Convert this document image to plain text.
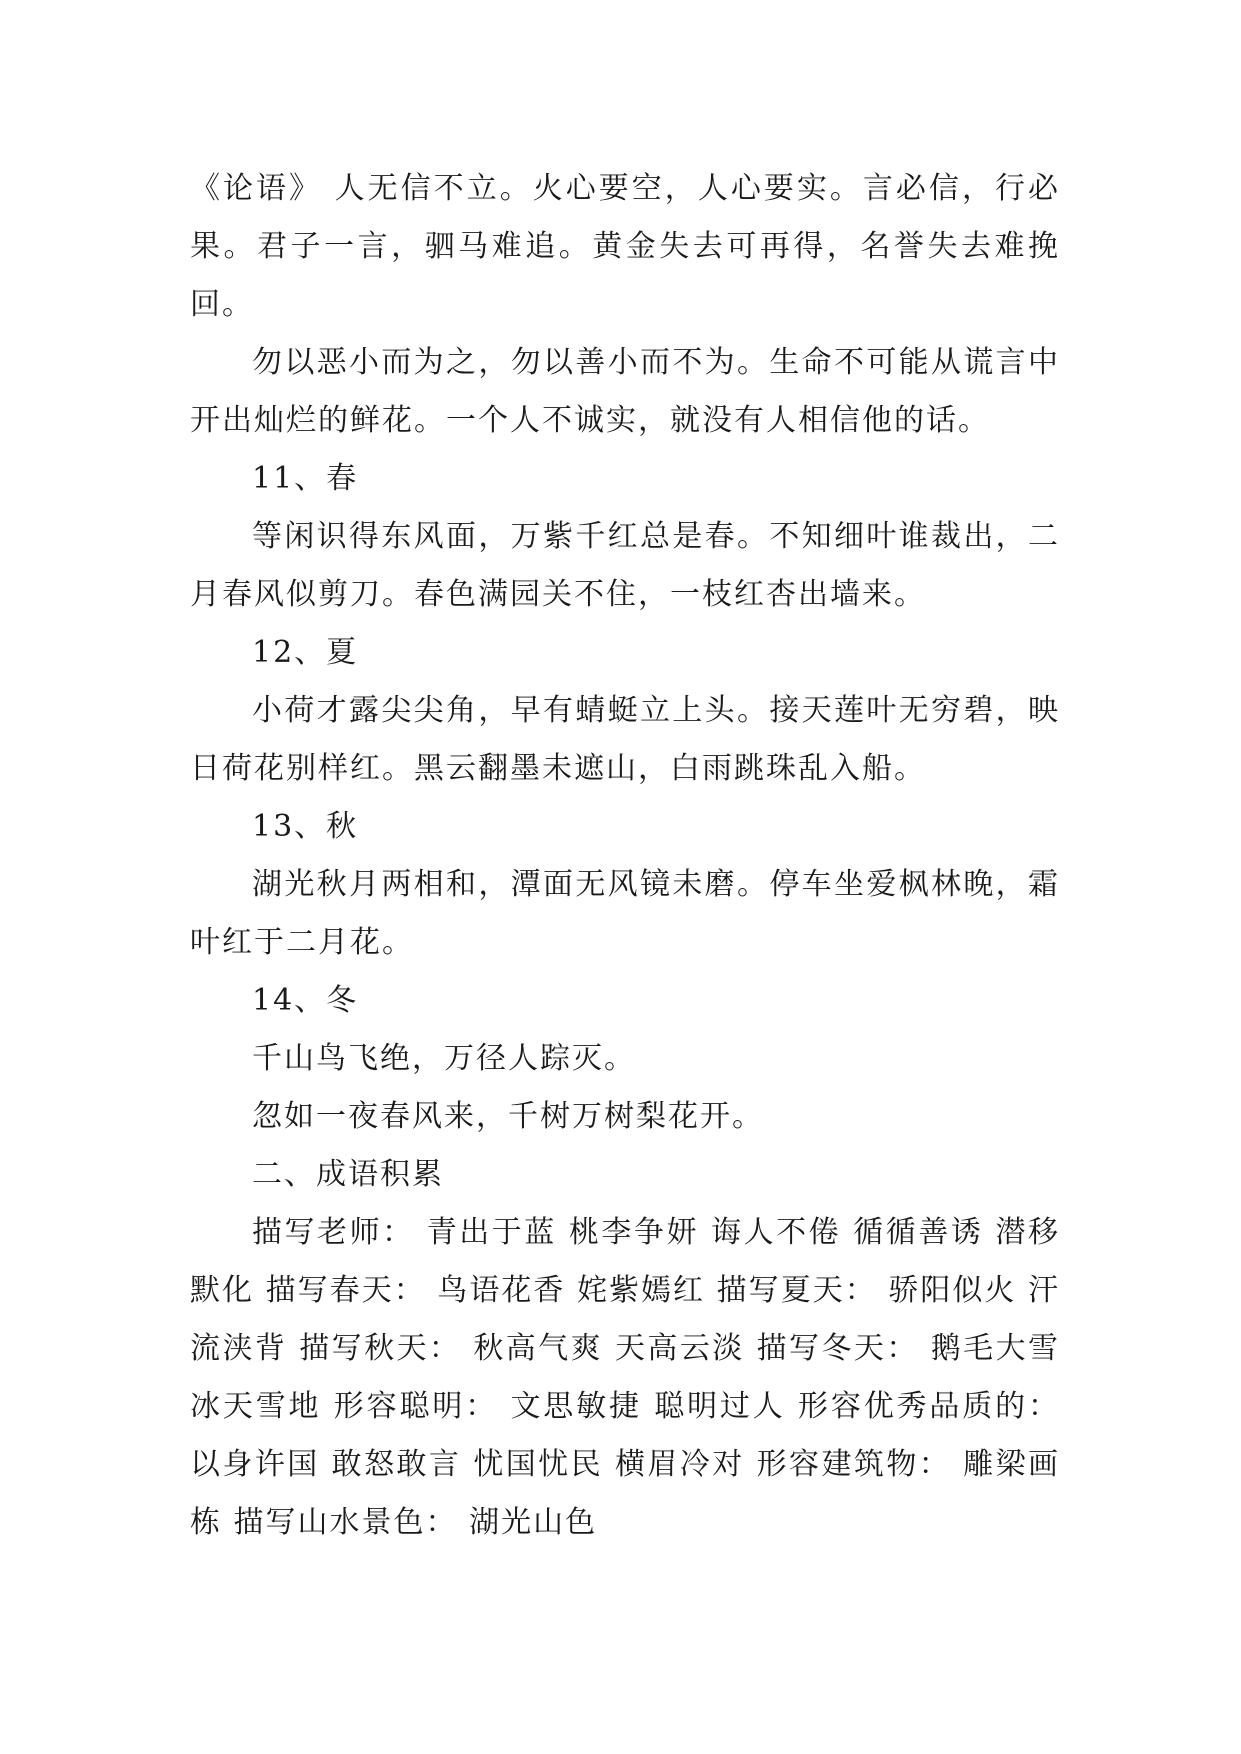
《论语》 人无信不立。火心要空，人心要实。言必信，行必果。君子一言，驷马难追。黄金失去可再得，名誉失去难挽回。

勿以恶小而为之，勿以善小而不为。生命不可能从谎言中开出灿烂的鲜花。一个人不诚实，就没有人相信他的话。

11、春

等闲识得东风面，万紫千红总是春。不知细叶谁裁出，二月春风似剪刀。春色满园关不住，一枝红杏出墙来。

12、夏

小荷才露尖尖角，早有蜻蜓立上头。接天莲叶无穷碧，映日荷花别样红。黑云翻墨未遮山，白雨跳珠乱入船。

13、秋

湖光秋月两相和，潭面无风镜未磨。停车坐爱枫林晚，霜叶红于二月花。

14、冬

千山鸟飞绝，万径人踪灭。

忽如一夜春风来，千树万树梨花开。

二、成语积累

描写老师： 青出于蓝 桃李争妍 诲人不倦 循循善诱 潜移默化 描写春天： 鸟语花香 姹紫嫣红 描写夏天： 骄阳似火 汗流浃背 描写秋天： 秋高气爽 天高云淡 描写冬天： 鹅毛大雪 冰天雪地 形容聪明： 文思敏捷 聪明过人 形容优秀品质的： 以身许国 敢怒敢言 忧国忧民 横眉冷对 形容建筑物： 雕梁画栋 描写山水景色： 湖光山色
